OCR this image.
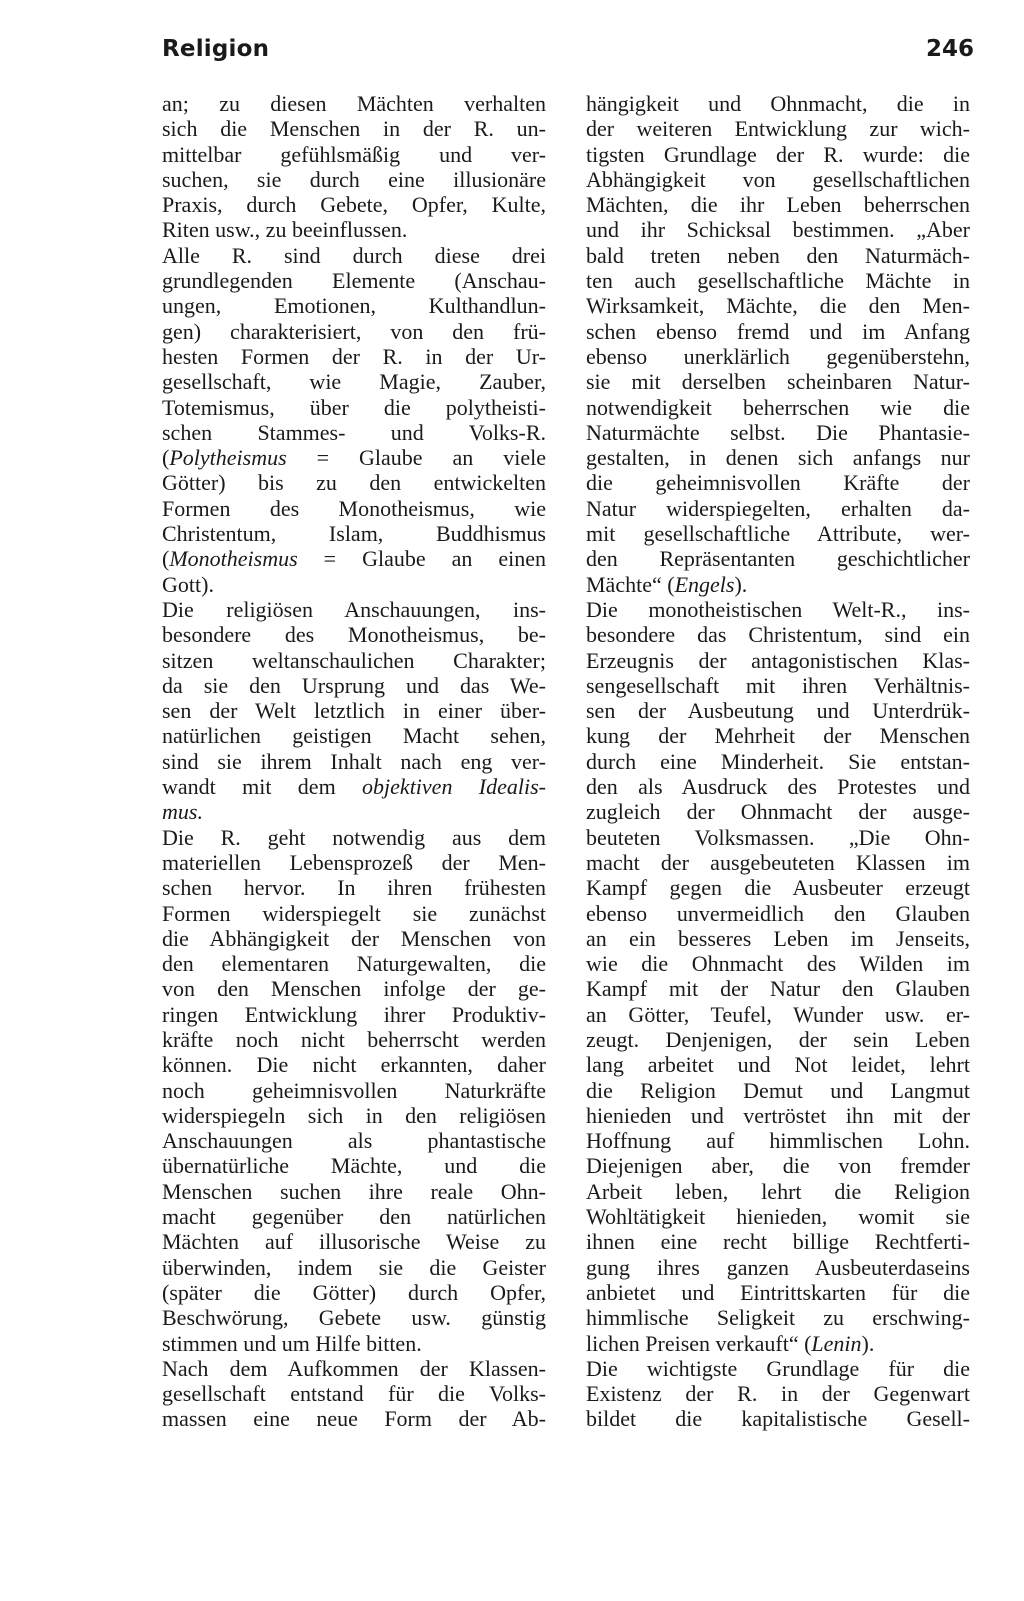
Religion	246
an; zu diesen Mächten verhalten
sich die Menschen in der R. un-
mittelbar gefühlsmäßig und ver-
suchen, sie durch eine illusionäre
Praxis, durch Gebete, Opfer, Kulte,
Riten usw., zu beeinflussen.
Alle R. sind durch diese drei
grundlegenden Elemente (Anschau-
ungen, Emotionen, Kulthandlun-
gen) charakterisiert, von den frü-
hesten Formen der R. in der Ur-
gesellschaft, wie Magie, Zauber,
Totemismus, über die polytheisti-
schen Stammes- und Volks-R.
(Polytheismus = Glaube an viele
Götter) bis zu den entwickelten
Formen des Monotheismus, wie
Christentum, Islam, Buddhismus
(Monotheismus = Glaube an einen
Gott).
Die religiösen Anschauungen, ins-
besondere des Monotheismus, be-
sitzen weltanschaulichen Charakter;
da sie den Ursprung und das We-
sen der Welt letztlich in einer über-
natürlichen geistigen Macht sehen,
sind sie ihrem Inhalt nach eng ver-
wandt mit dem objektiven Idealis-
mus.
Die R. geht notwendig aus dem
materiellen Lebensprozeß der Men-
schen hervor. In ihren frühesten
Formen widerspiegelt sie zunächst
die Abhängigkeit der Menschen von
den elementaren Naturgewalten, die
von den Menschen infolge der ge-
ringen Entwicklung ihrer Produktiv-
kräfte noch nicht beherrscht werden
können. Die nicht erkannten, daher
noch geheimnisvollen Naturkräfte
widerspiegeln sich in den religiösen
Anschauungen als phantastische
übernatürliche Mächte, und die
Menschen suchen ihre reale Ohn-
macht gegenüber den natürlichen
Mächten auf illusorische Weise zu
überwinden, indem sie die Geister
(später die Götter) durch Opfer,
Beschwörung, Gebete usw. günstig
stimmen und um Hilfe bitten.
Nach dem Aufkommen der Klassen-
gesellschaft entstand für die Volks-
massen eine neue Form der Ab-
hängigkeit und Ohnmacht, die in
der weiteren Entwicklung zur wich-
tigsten Grundlage der R. wurde: die
Abhängigkeit von gesellschaftlichen
Mächten, die ihr Leben beherrschen
und ihr Schicksal bestimmen. „Aber
bald treten neben den Naturmäch-
ten auch gesellschaftliche Mächte in
Wirksamkeit, Mächte, die den Men-
schen ebenso fremd und im Anfang
ebenso unerklärlich gegenüberstehn,
sie mit derselben scheinbaren Natur-
notwendigkeit beherrschen wie die
Naturmächte selbst. Die Phantasie-
gestalten, in denen sich anfangs nur
die geheimnisvollen Kräfte der
Natur widerspiegelten, erhalten da-
mit gesellschaftliche Attribute, wer-
den Repräsentanten geschichtlicher
Mächte“ (Engels).
Die monotheistischen Welt-R., ins-
besondere das Christentum, sind ein
Erzeugnis der antagonistischen Klas-
sengesellschaft mit ihren Verhältnis-
sen der Ausbeutung und Unterdrük-
kung der Mehrheit der Menschen
durch eine Minderheit. Sie entstan-
den als Ausdruck des Protestes und
zugleich der Ohnmacht der ausge-
beuteten Volksmassen. „Die Ohn-
macht der ausgebeuteten Klassen im
Kampf gegen die Ausbeuter erzeugt
ebenso unvermeidlich den Glauben
an ein besseres Leben im Jenseits,
wie die Ohnmacht des Wilden im
Kampf mit der Natur den Glauben
an Götter, Teufel, Wunder usw. er-
zeugt. Denjenigen, der sein Leben
lang arbeitet und Not leidet, lehrt
die Religion Demut und Langmut
hienieden und vertröstet ihn mit der
Hoffnung auf himmlischen Lohn.
Diejenigen aber, die von fremder
Arbeit leben, lehrt die Religion
Wohltätigkeit hienieden, womit sie
ihnen eine recht billige Rechtferti-
gung ihres ganzen Ausbeuterdaseins
anbietet und Eintrittskarten für die
himmlische Seligkeit zu erschwing-
lichen Preisen verkauft“ (Lenin).
Die wichtigste Grundlage für die
Existenz der R. in der Gegenwart
bildet die kapitalistische Gesell-
